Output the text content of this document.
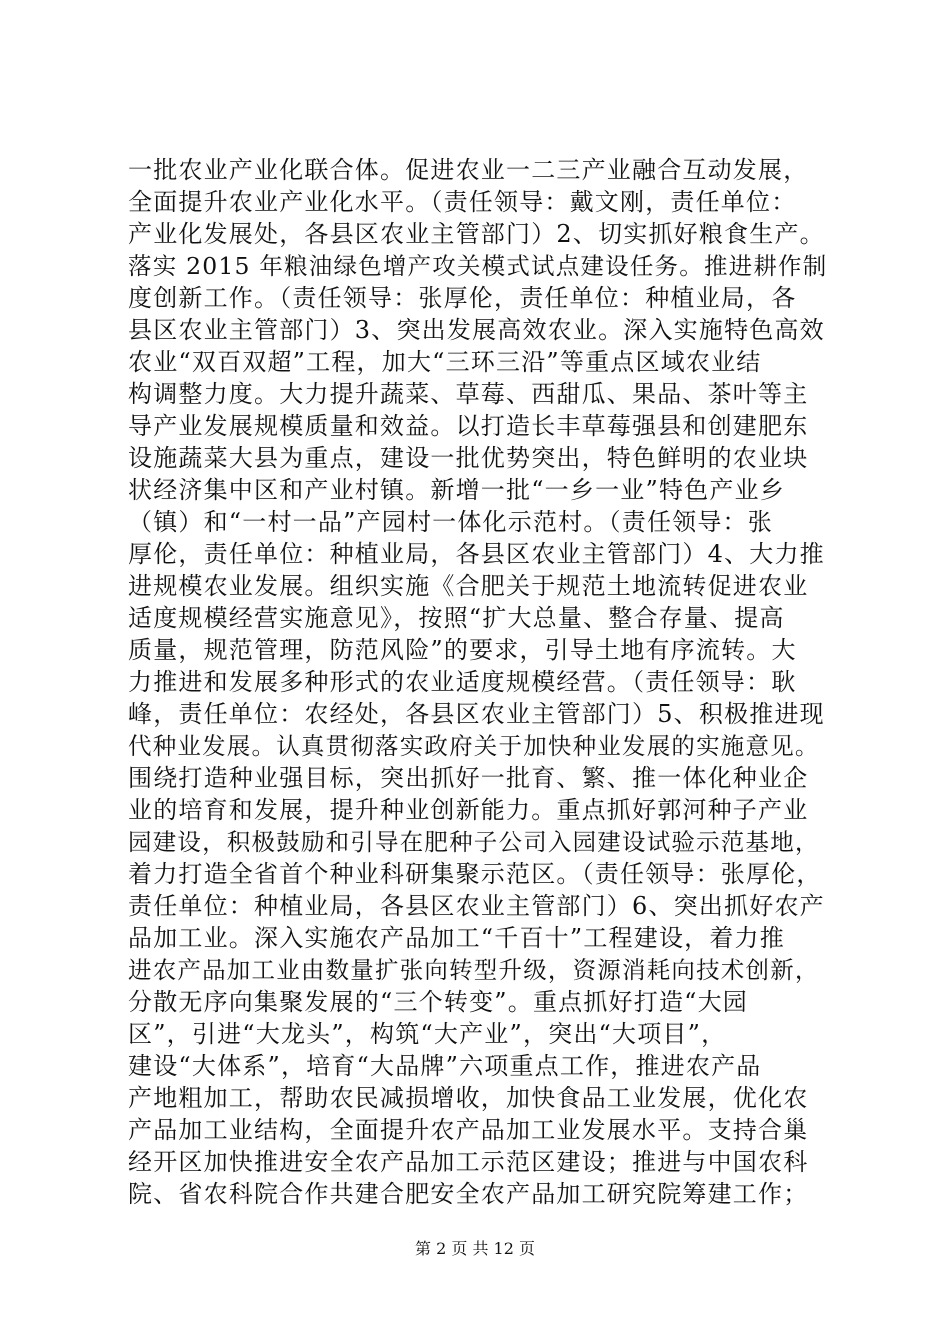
一批农业产业化联合体。促进农业一二三产业融合互动发展，
全面提升农业产业化水平。（责任领导：戴文刚，责任单位：
产业化发展处，各县区农业主管部门）2、切实抓好粮食生产。
落实 2015 年粮油绿色增产攻关模式试点建设任务。推进耕作制
度创新工作。（责任领导：张厚伦，责任单位：种植业局，各
县区农业主管部门）3、突出发展高效农业。深入实施特色高效
农业“双百双超”工程，加大“三环三沿”等重点区域农业结
构调整力度。大力提升蔬菜、草莓、西甜瓜、果品、茶叶等主
导产业发展规模质量和效益。以打造长丰草莓强县和创建肥东
设施蔬菜大县为重点，建设一批优势突出，特色鲜明的农业块
状经济集中区和产业村镇。新增一批“一乡一业”特色产业乡
（镇）和“一村一品”产园村一体化示范村。（责任领导：张
厚伦，责任单位：种植业局，各县区农业主管部门）4、大力推
进规模农业发展。组织实施《合肥关于规范土地流转促进农业
适度规模经营实施意见》，按照“扩大总量、整合存量、提高
质量，规范管理，防范风险”的要求，引导土地有序流转。大
力推进和发展多种形式的农业适度规模经营。（责任领导：耿
峰，责任单位：农经处，各县区农业主管部门）5、积极推进现
代种业发展。认真贯彻落实政府关于加快种业发展的实施意见。
围绕打造种业强目标，突出抓好一批育、繁、推一体化种业企
业的培育和发展，提升种业创新能力。重点抓好郭河种子产业
园建设，积极鼓励和引导在肥种子公司入园建设试验示范基地，
着力打造全省首个种业科研集聚示范区。（责任领导：张厚伦，
责任单位：种植业局，各县区农业主管部门）6、突出抓好农产
品加工业。深入实施农产品加工“千百十”工程建设，着力推
进农产品加工业由数量扩张向转型升级，资源消耗向技术创新，
分散无序向集聚发展的“三个转变”。重点抓好打造“大园
区”，引进“大龙头”，构筑“大产业”，突出“大项目”，
建设“大体系”，培育“大品牌”六项重点工作，推进农产品
产地粗加工，帮助农民减损增收，加快食品工业发展，优化农
产品加工业结构，全面提升农产品加工业发展水平。支持合巢
经开区加快推进安全农产品加工示范区建设；推进与中国农科
院、省农科院合作共建合肥安全农产品加工研究院筹建工作；
第 2 页 共 12 页
